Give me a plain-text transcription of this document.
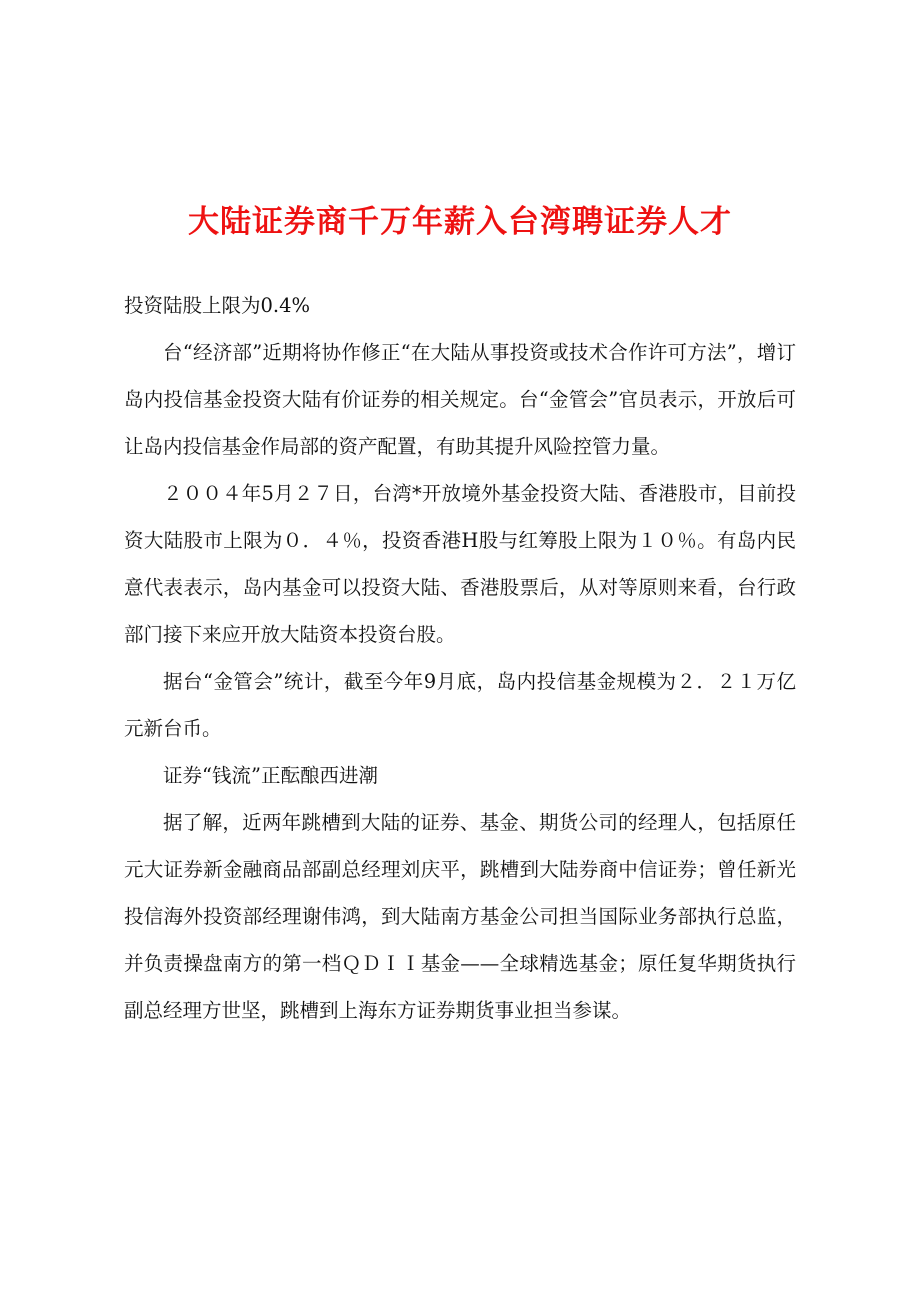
大陆证券商千万年薪入台湾聘证券人才

投资陆股上限为0.4%

台“经济部”近期将协作修正“在大陆从事投资或技术合作许可方法”，增订岛内投信基金投资大陆有价证券的相关规定。台“金管会”官员表示，开放后可让岛内投信基金作局部的资产配置，有助其提升风险控管力量。

２００４年5月２７日，台湾*开放境外基金投资大陆、香港股市，目前投资大陆股市上限为０．４％，投资香港H股与红筹股上限为１０％。有岛内民意代表表示，岛内基金可以投资大陆、香港股票后，从对等原则来看，台行政部门接下来应开放大陆资本投资台股。

据台“金管会”统计，截至今年9月底，岛内投信基金规模为２．２１万亿元新台币。

证券“钱流”正酝酿西进潮

据了解，近两年跳槽到大陆的证券、基金、期货公司的经理人，包括原任元大证券新金融商品部副总经理刘庆平，跳槽到大陆券商中信证券；曾任新光投信海外投资部经理谢伟鸿，到大陆南方基金公司担当国际业务部执行总监，并负责操盘南方的第一档ＱＤＩＩ基金——全球精选基金；原任复华期货执行副总经理方世坚，跳槽到上海东方证券期货事业担当参谋。
